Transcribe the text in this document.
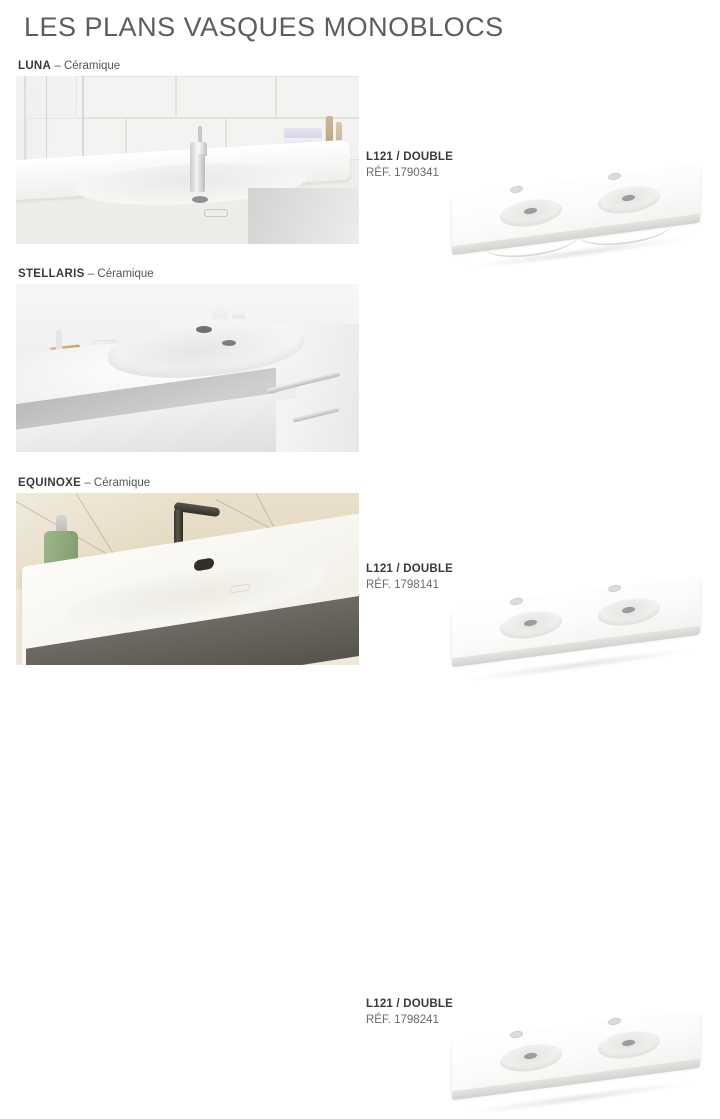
LES PLANS VASQUES MONOBLOCS
LUNA – Céramique
L121 / DOUBLE
RÉF. 1790341
STELLARIS – Céramique
L121 / DOUBLE
RÉF. 1798141
EQUINOXE – Céramique
L121 / DOUBLE
RÉF. 1798241
